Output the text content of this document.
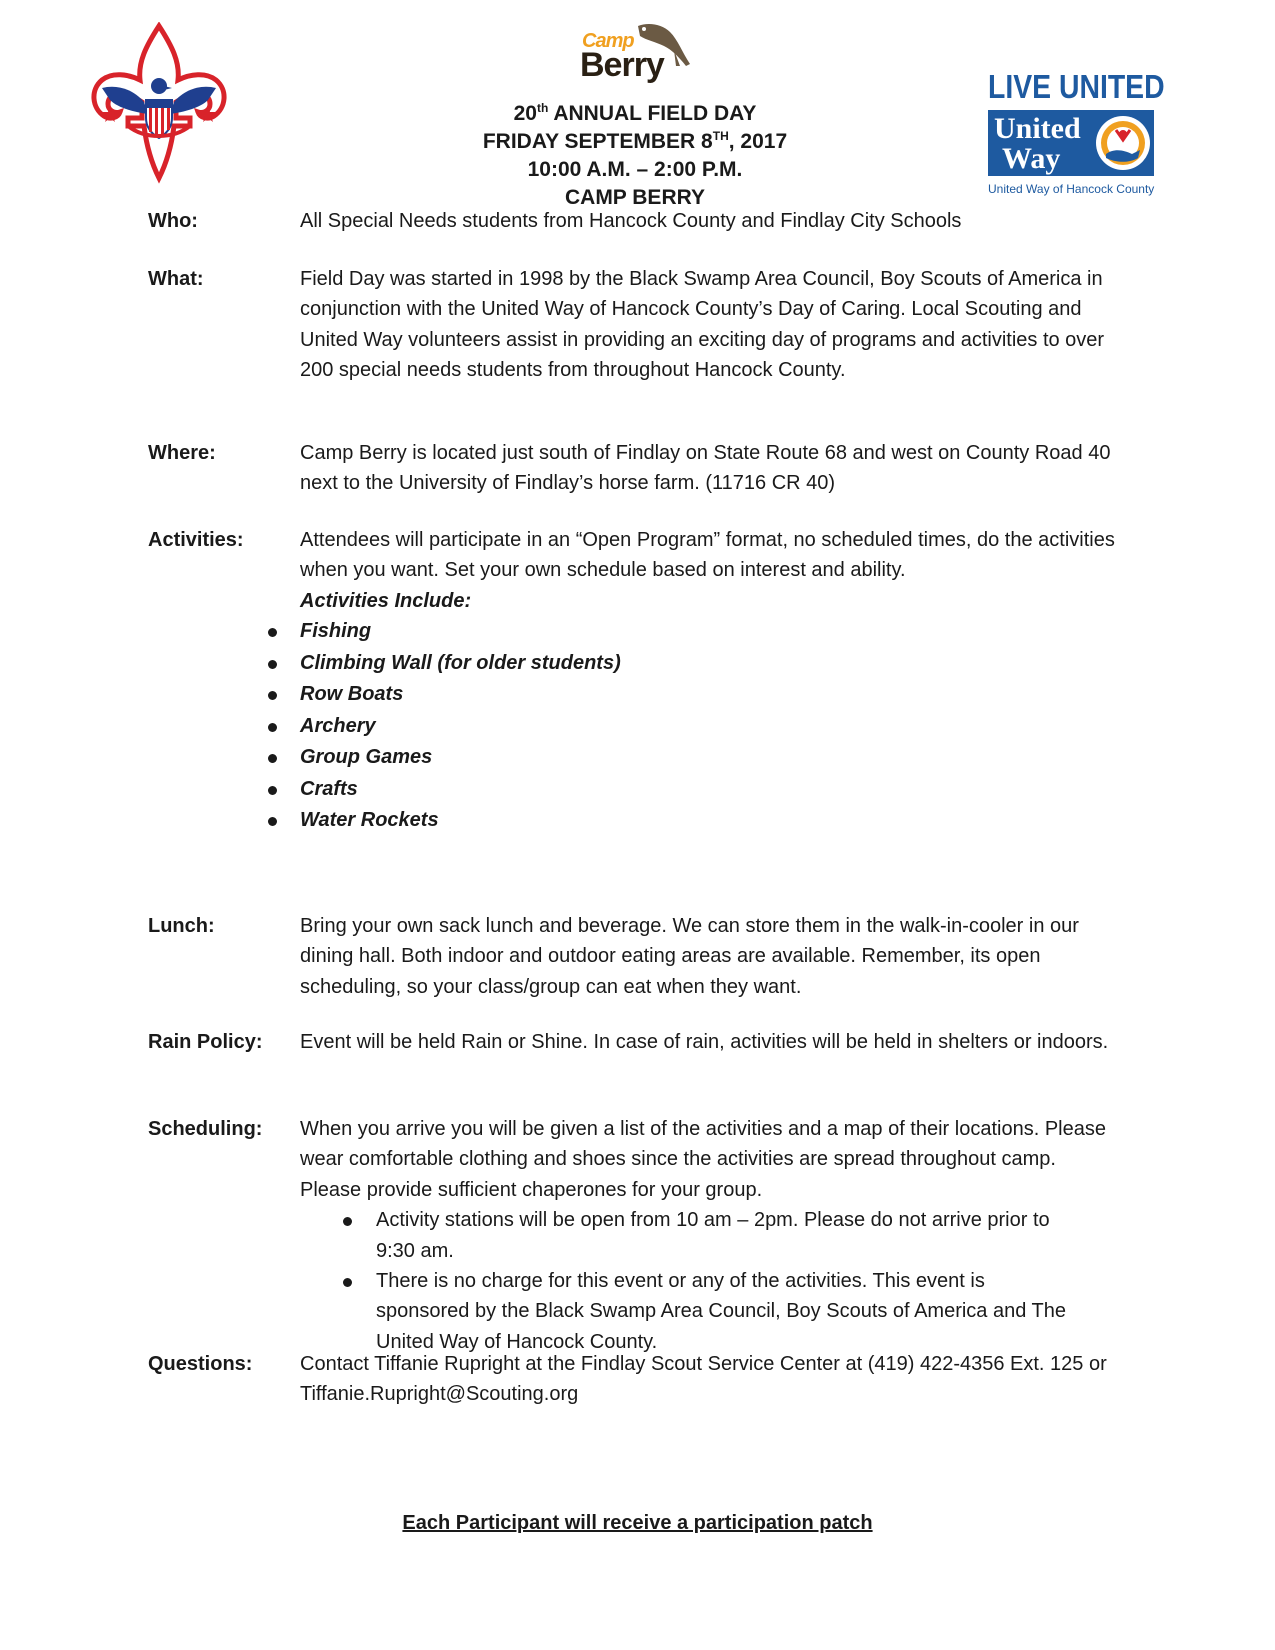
Camp
Berry
LIVE UNITED
United
Way
United Way of Hancock County
20th ANNUAL FIELD DAY
FRIDAY SEPTEMBER 8TH, 2017
10:00 A.M. – 2:00 P.M.
CAMP BERRY
Who:	All Special Needs students from Hancock County and Findlay City Schools

What:	Field Day was started in 1998 by the Black Swamp Area Council, Boy Scouts of America in conjunction with the United Way of Hancock County’s Day of Caring. Local Scouting and United Way volunteers assist in providing an exciting day of programs and activities to over 200 special needs students from throughout Hancock County.

Where:	Camp Berry is located just south of Findlay on State Route 68 and west on County Road 40 next to the University of Findlay’s horse farm. (11716 CR 40)

Activities:	Attendees will participate in an “Open Program” format, no scheduled times, do the activities when you want. Set your own schedule based on interest and ability.

Activities Include:

Fishing
Climbing Wall (for older students)
Row Boats
Archery
Group Games
Crafts
Water Rockets
Lunch:	Bring your own sack lunch and beverage. We can store them in the walk-in-cooler in our dining hall. Both indoor and outdoor eating areas are available. Remember, its open scheduling, so your class/group can eat when they want.

Rain Policy: Event will be held Rain or Shine. In case of rain, activities will be held in shelters or indoors.

Scheduling: When you arrive you will be given a list of the activities and a map of their locations. Please wear comfortable clothing and shoes since the activities are spread throughout camp. Please provide sufficient chaperones for your group.

Activity stations will be open from 10 am – 2pm. Please do not arrive prior to 9:30 am.
There is no charge for this event or any of the activities. This event is sponsored by the Black Swamp Area Council, Boy Scouts of America and The United Way of Hancock County.
Questions: Contact Tiffanie Rupright at the Findlay Scout Service Center at (419) 422-4356 Ext. 125 or Tiffanie.Rupright@Scouting.org

Each Participant will receive a participation patch
